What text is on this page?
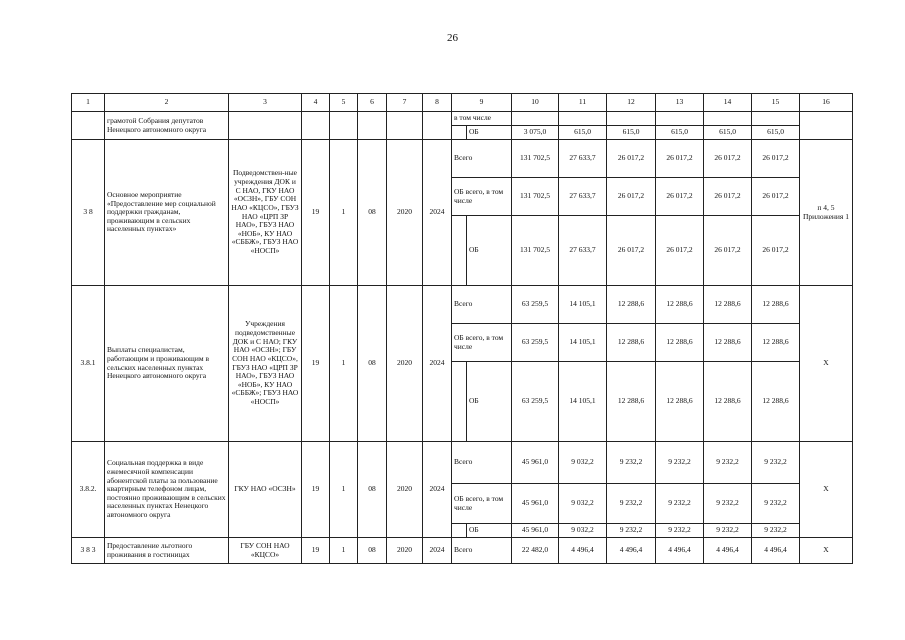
26
1	2	3	4	5	6	7	8	9		10	11	12	13	14	15	16
	грамотой Собрания депутатов Ненецкого автономного округа							в том числе								
									ОБ	3 075,0	615,0	615,0	615,0	615,0	615,0	
3 8	Основное мероприятие «Предоставление мер социальной поддержки гражданам, проживающим в сельских населенных пунктах»	Подведомствен-ные учреждения ДОК и С НАО, ГКУ НАО «ОСЗН», ГБУ СОН НАО «КЦСО», ГБУЗ НАО «ЦРП ЗР НАО», ГБУЗ НАО «НОБ», КУ НАО «СББЖ», ГБУЗ НАО «НОСП»	19	1	08	2020	2024	Всего		131 702,5	27 633,7	26 017,2	26 017,2	26 017,2	26 017,2	п 4, 5 Приложения 1
								ОБ всего, в том числе		131 702,5	27 633,7	26 017,2	26 017,2	26 017,2	26 017,2	
									ОБ	131 702,5	27 633,7	26 017,2	26 017,2	26 017,2	26 017,2	
3.8.1	Выплаты специалистам, работающим и проживающим в сельских населенных пунктах Ненецкого автономного округа	Учреждения подведомственные ДОК и С НАО; ГКУ НАО «ОСЗН»; ГБУ СОН НАО «КЦСО», ГБУЗ НАО «ЦРП ЗР НАО», ГБУЗ НАО «НОБ», КУ НАО «СББЖ»; ГБУЗ НАО «НОСП»	19	1	08	2020	2024	Всего		63 259,5	14 105,1	12 288,6	12 288,6	12 288,6	12 288,6	Х
								ОБ всего, в том числе		63 259,5	14 105,1	12 288,6	12 288,6	12 288,6	12 288,6	
									ОБ	63 259,5	14 105,1	12 288,6	12 288,6	12 288,6	12 288,6	
3.8.2.	Социальная поддержка в виде ежемесячной компенсации абонентской платы за пользование квартирным телефоном лицам, постоянно проживающим в сельских населенных пунктах Ненецкого автономного округа	ГКУ НАО «ОСЗН»	19	1	08	2020	2024	Всего		45 961,0	9 032,2	9 232,2	9 232,2	9 232,2	9 232,2	Х
								ОБ всего, в том числе		45 961,0	9 032,2	9 232,2	9 232,2	9 232,2	9 232,2	
									ОБ	45 961,0	9 032,2	9 232,2	9 232,2	9 232,2	9 232,2	
3 8 3	Предоставление льготного проживания в гостиницах	ГБУ СОН НАО «КЦСО»	19	1	08	2020	2024	Всего		22 482,0	4 496,4	4 496,4	4 496,4	4 496,4	4 496,4	Х
